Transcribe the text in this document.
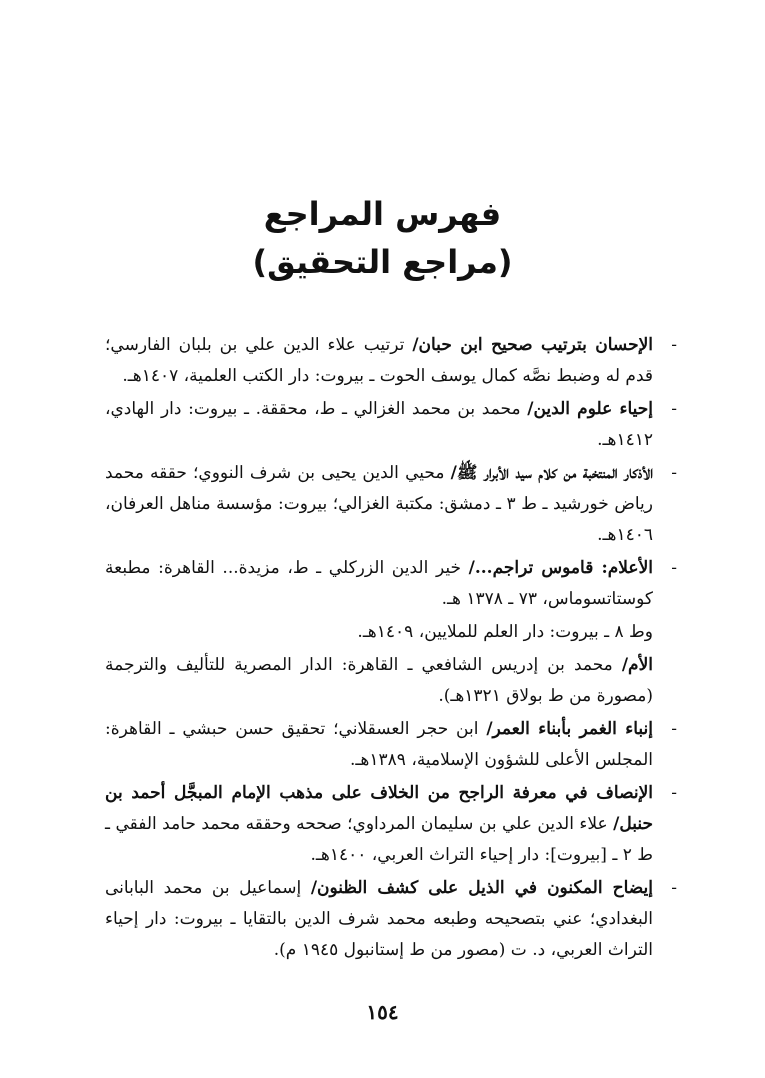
فهرس المراجع
(مراجع التحقيق)

- الإحسان بترتيب صحيح ابن حبان/ ترتيب علاء الدين علي بن بلبان الفارسي؛ قدم له وضبط نصَّه كمال يوسف الحوت ـ بيروت: دار الكتب العلمية، ١٤٠٧هـ.

- إحياء علوم الدين/ محمد بن محمد الغزالي ـ ط، محققة. ـ بيروت: دار الهادي، ١٤١٢هـ.

- الأذكار المنتخبة من كلام سيد الأبرار ﷺ/ محيي الدين يحيى بن شرف النووي؛ حققه محمد رياض خورشيد ـ ط ٣ ـ دمشق: مكتبة الغزالي؛ بيروت: مؤسسة مناهل العرفان، ١٤٠٦هـ.

- الأعلام: قاموس تراجم.../ خير الدين الزركلي ـ ط، مزيدة... القاهرة: مطبعة كوستاتسوماس، ٧٣ ـ ١٣٧٨ هـ.

وط ٨ ـ بيروت: دار العلم للملايين، ١٤٠٩هـ.

الأم/ محمد بن إدريس الشافعي ـ القاهرة: الدار المصرية للتأليف والترجمة (مصورة من ط بولاق ١٣٢١هـ).

- إنباء الغمر بأبناء العمر/ ابن حجر العسقلاني؛ تحقيق حسن حبشي ـ القاهرة: المجلس الأعلى للشؤون الإسلامية، ١٣٨٩هـ.

- الإنصاف في معرفة الراجح من الخلاف على مذهب الإمام المبجَّل أحمد بن حنبل/ علاء الدين علي بن سليمان المرداوي؛ صححه وحققه محمد حامد الفقي ـ ط ٢ ـ [بيروت]: دار إحياء التراث العربي، ١٤٠٠هـ.

- إيضاح المكنون في الذيل على كشف الظنون/ إسماعيل بن محمد البابانى البغدادي؛ عني بتصحيحه وطبعه محمد شرف الدين بالتقايا ـ بيروت: دار إحياء التراث العربي، د. ت (مصور من ط إستانبول ١٩٤٥ م).

١٥٤
